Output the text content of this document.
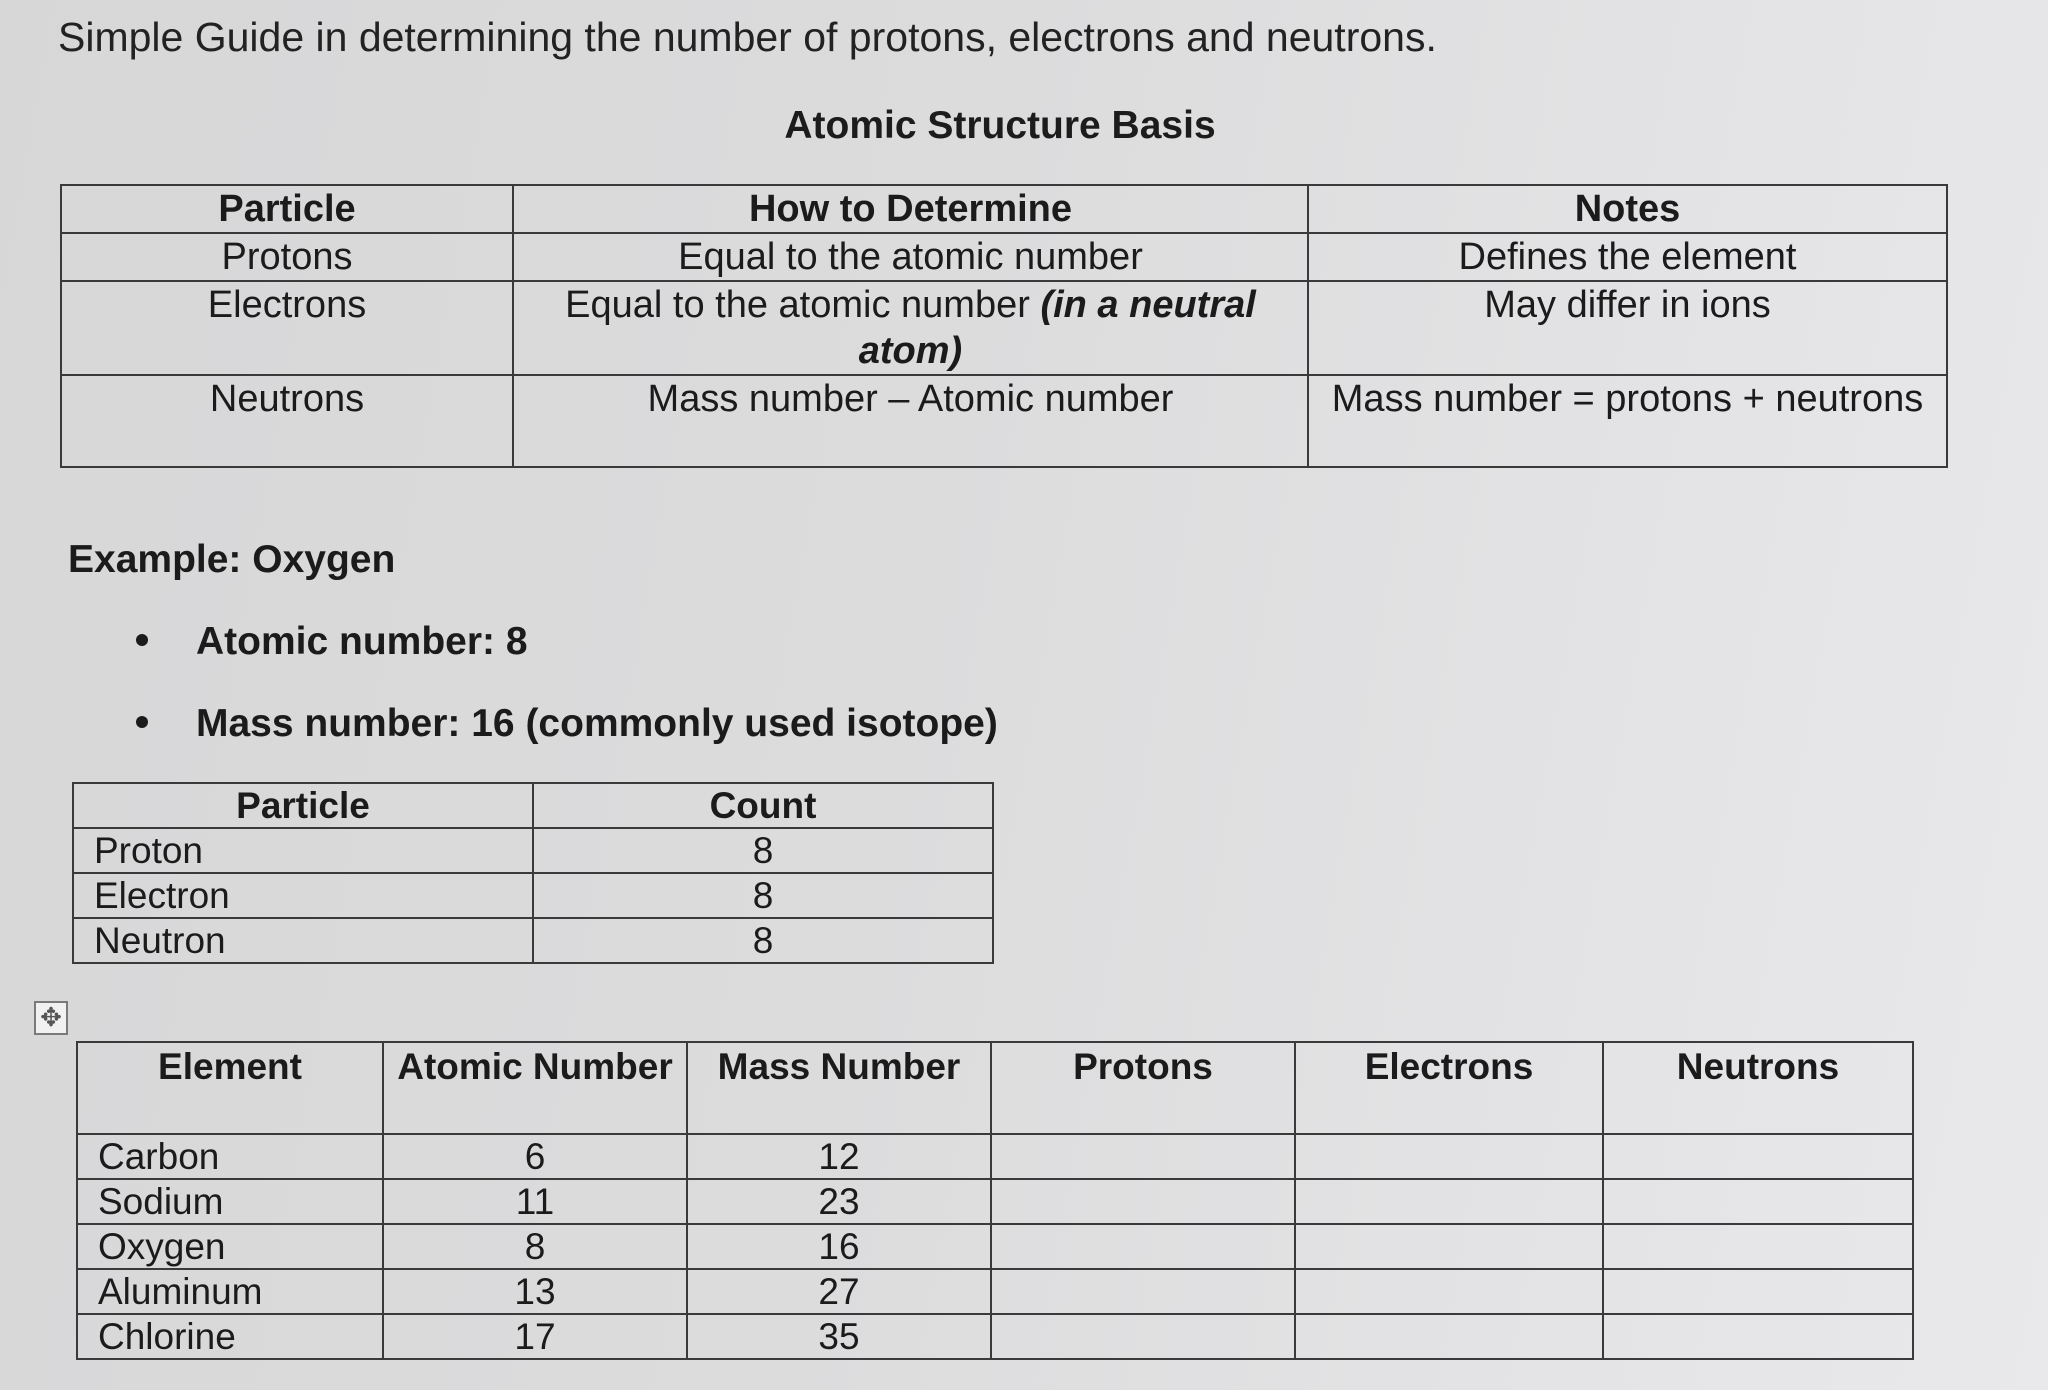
Simple Guide in determining the number of protons, electrons and neutrons.
Atomic Structure Basis
Particle	How to Determine	Notes
Protons	Equal to the atomic number	Defines the element
Electrons	Equal to the atomic number (in a neutral atom)	May differ in ions
Neutrons	Mass number – Atomic number	Mass number = protons + neutrons
Example: Oxygen
Atomic number: 8
Mass number: 16 (commonly used isotope)
Particle	Count
Proton	8
Electron	8
Neutron	8
✥
Element	Atomic Number	Mass Number	Protons	Electrons	Neutrons
Carbon	6	12			
Sodium	11	23			
Oxygen	8	16			
Aluminum	13	27			
Chlorine	17	35			
